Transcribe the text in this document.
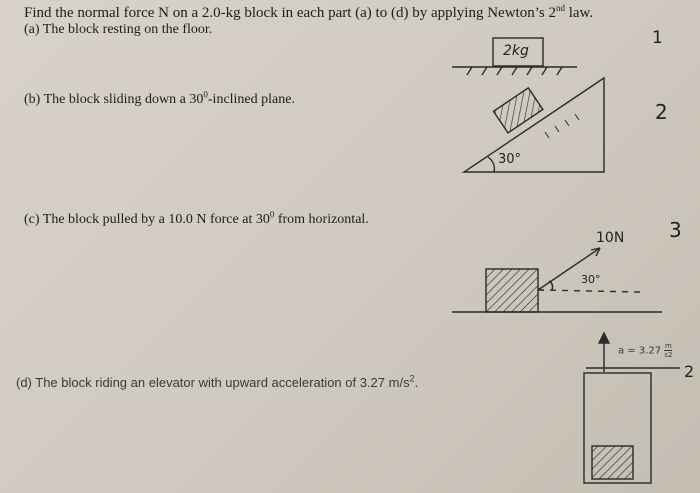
Find the normal force N on a 2.0-kg block in each part (a) to (d) by applying Newton’s 2nd law.
(a) The block resting on the floor.
(b) The block sliding down a $30^0$-inclined plane.
(c) The block pulled by a 10.0 N force at $30^0$ from horizontal.
(d) The block riding an elevator with upward acceleration of 3.27 $m/s^2$.
2kg
1
30°
2
10N
30°
3
$a = 3.27 \frac{m}{s2}$
2
